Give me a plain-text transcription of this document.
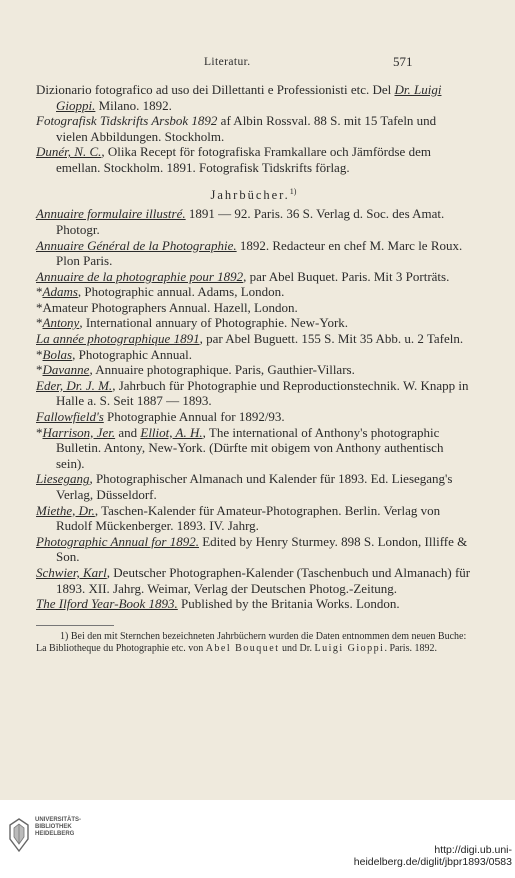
Literatur.	571

Dizionario fotografico ad uso dei Dillettanti e Professionisti etc. Del Dr. Luigi Gioppi. Milano. 1892.

Fotografisk Tidskrifts Arsbok 1892 af Albin Rossval. 88 S. mit 15 Tafeln und vielen Abbildungen. Stockholm.

Dunér, N. C., Olika Recept för fotografiska Framkallare och Jämfördse dem emellan. Stockholm. 1891. Fotografisk Tidskrifts förlag.

Jahrbücher.$^{1)}$

Annuaire formulaire illustré. 1891 — 92. Paris. 36 S. Verlag d. Soc. des Amat. Photogr.

Annuaire Général de la Photographie. 1892. Redacteur en chef M. Marc le Roux. Plon Paris.

Annuaire de la photographie pour 1892, par Abel Buquet. Paris. Mit 3 Porträts.

*Adams, Photographic annual. Adams, London.

*Amateur Photographers Annual. Hazell, London.

*Antony, International annuary of Photographie. New-York.

La année photographique 1891, par Abel Buguett. 155 S. Mit 35 Abb. u. 2 Tafeln.

*Bolas, Photographic Annual.

*Davanne, Annuaire photographique. Paris, Gauthier-Villars.

Eder, Dr. J. M., Jahrbuch für Photographie und Reproductionstechnik. W. Knapp in Halle a. S. Seit 1887 — 1893.

Fallowfield's Photographie Annual for 1892/93.

*Harrison, Jer. and Elliot, A. H., The international of Anthony's photographic Bulletin. Antony, New-York. (Dürfte mit obigem von Anthony authentisch sein).

Liesegang, Photographischer Almanach und Kalender für 1893. Ed. Liesegang's Verlag, Düsseldorf.

Miethe, Dr., Taschen-Kalender für Amateur-Photographen. Berlin. Verlag von Rudolf Mückenberger. 1893. IV. Jahrg.

Photographic Annual for 1892. Edited by Henry Sturmey. 898 S. London, Illiffe & Son.

Schwier, Karl, Deutscher Photographen-Kalender (Taschenbuch und Almanach) für 1893. XII. Jahrg. Weimar, Verlag der Deutschen Photog.-Zeitung.

The Ilford Year-Book 1893. Published by the Britania Works. London.

1) Bei den mit Sternchen bezeichneten Jahrbüchern wurden die Daten entnommen dem neuen Buche: La Bibliotheque du Photographie etc. von Abel Bouquet und Dr. Luigi Gioppi. Paris. 1892.

UNIVERSITÄTS-
BIBLIOTHEK
HEIDELBERG
http://digi.ub.uni-heidelberg.de/diglit/jbpr1893/0583
